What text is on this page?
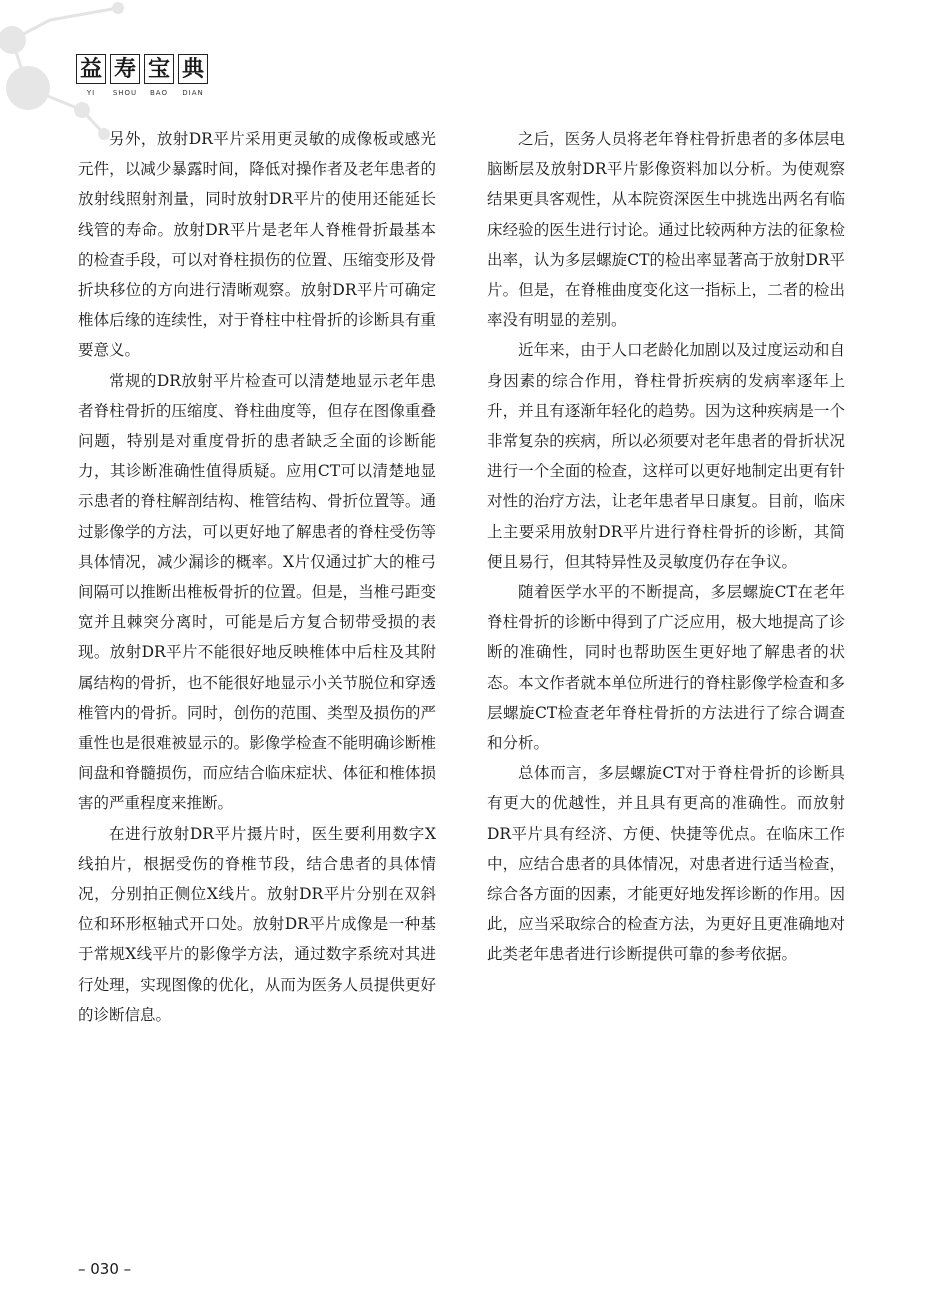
益 寿 宝 典
YI	SHOU	BAO	DIAN

另外，放射DR平片采用更灵敏的成像板或感光元件，以减少暴露时间，降低对操作者及老年患者的放射线照射剂量，同时放射DR平片的使用还能延长线管的寿命。放射DR平片是老年人脊椎骨折最基本的检查手段，可以对脊柱损伤的位置、压缩变形及骨折块移位的方向进行清晰观察。放射DR平片可确定椎体后缘的连续性，对于脊柱中柱骨折的诊断具有重要意义。

常规的DR放射平片检查可以清楚地显示老年患者脊柱骨折的压缩度、脊柱曲度等，但存在图像重叠问题，特别是对重度骨折的患者缺乏全面的诊断能力，其诊断准确性值得质疑。应用CT可以清楚地显示患者的脊柱解剖结构、椎管结构、骨折位置等。通过影像学的方法，可以更好地了解患者的脊柱受伤等具体情况，减少漏诊的概率。X片仅通过扩大的椎弓间隔可以推断出椎板骨折的位置。但是，当椎弓距变宽并且棘突分离时，可能是后方复合韧带受损的表现。放射DR平片不能很好地反映椎体中后柱及其附属结构的骨折，也不能很好地显示小关节脱位和穿透椎管内的骨折。同时，创伤的范围、类型及损伤的严重性也是很难被显示的。影像学检查不能明确诊断椎间盘和脊髓损伤，而应结合临床症状、体征和椎体损害的严重程度来推断。

在进行放射DR平片摄片时，医生要利用数字X线拍片，根据受伤的脊椎节段，结合患者的具体情况，分别拍正侧位X线片。放射DR平片分别在双斜位和环形枢轴式开口处。放射DR平片成像是一种基于常规X线平片的影像学方法，通过数字系统对其进行处理，实现图像的优化，从而为医务人员提供更好的诊断信息。

之后，医务人员将老年脊柱骨折患者的多体层电脑断层及放射DR平片影像资料加以分析。为使观察结果更具客观性，从本院资深医生中挑选出两名有临床经验的医生进行讨论。通过比较两种方法的征象检出率，认为多层螺旋CT的检出率显著高于放射DR平片。但是，在脊椎曲度变化这一指标上，二者的检出率没有明显的差别。

近年来，由于人口老龄化加剧以及过度运动和自身因素的综合作用，脊柱骨折疾病的发病率逐年上升，并且有逐渐年轻化的趋势。因为这种疾病是一个非常复杂的疾病，所以必须要对老年患者的骨折状况进行一个全面的检查，这样可以更好地制定出更有针对性的治疗方法，让老年患者早日康复。目前，临床上主要采用放射DR平片进行脊柱骨折的诊断，其简便且易行，但其特异性及灵敏度仍存在争议。

随着医学水平的不断提高，多层螺旋CT在老年脊柱骨折的诊断中得到了广泛应用，极大地提高了诊断的准确性，同时也帮助医生更好地了解患者的状态。本文作者就本单位所进行的脊柱影像学检查和多层螺旋CT检查老年脊柱骨折的方法进行了综合调查和分析。

总体而言，多层螺旋CT对于脊柱骨折的诊断具有更大的优越性，并且具有更高的准确性。而放射DR平片具有经济、方便、快捷等优点。在临床工作中，应结合患者的具体情况，对患者进行适当检查，综合各方面的因素，才能更好地发挥诊断的作用。因此，应当采取综合的检查方法，为更好且更准确地对此类老年患者进行诊断提供可靠的参考依据。

– 030 –
